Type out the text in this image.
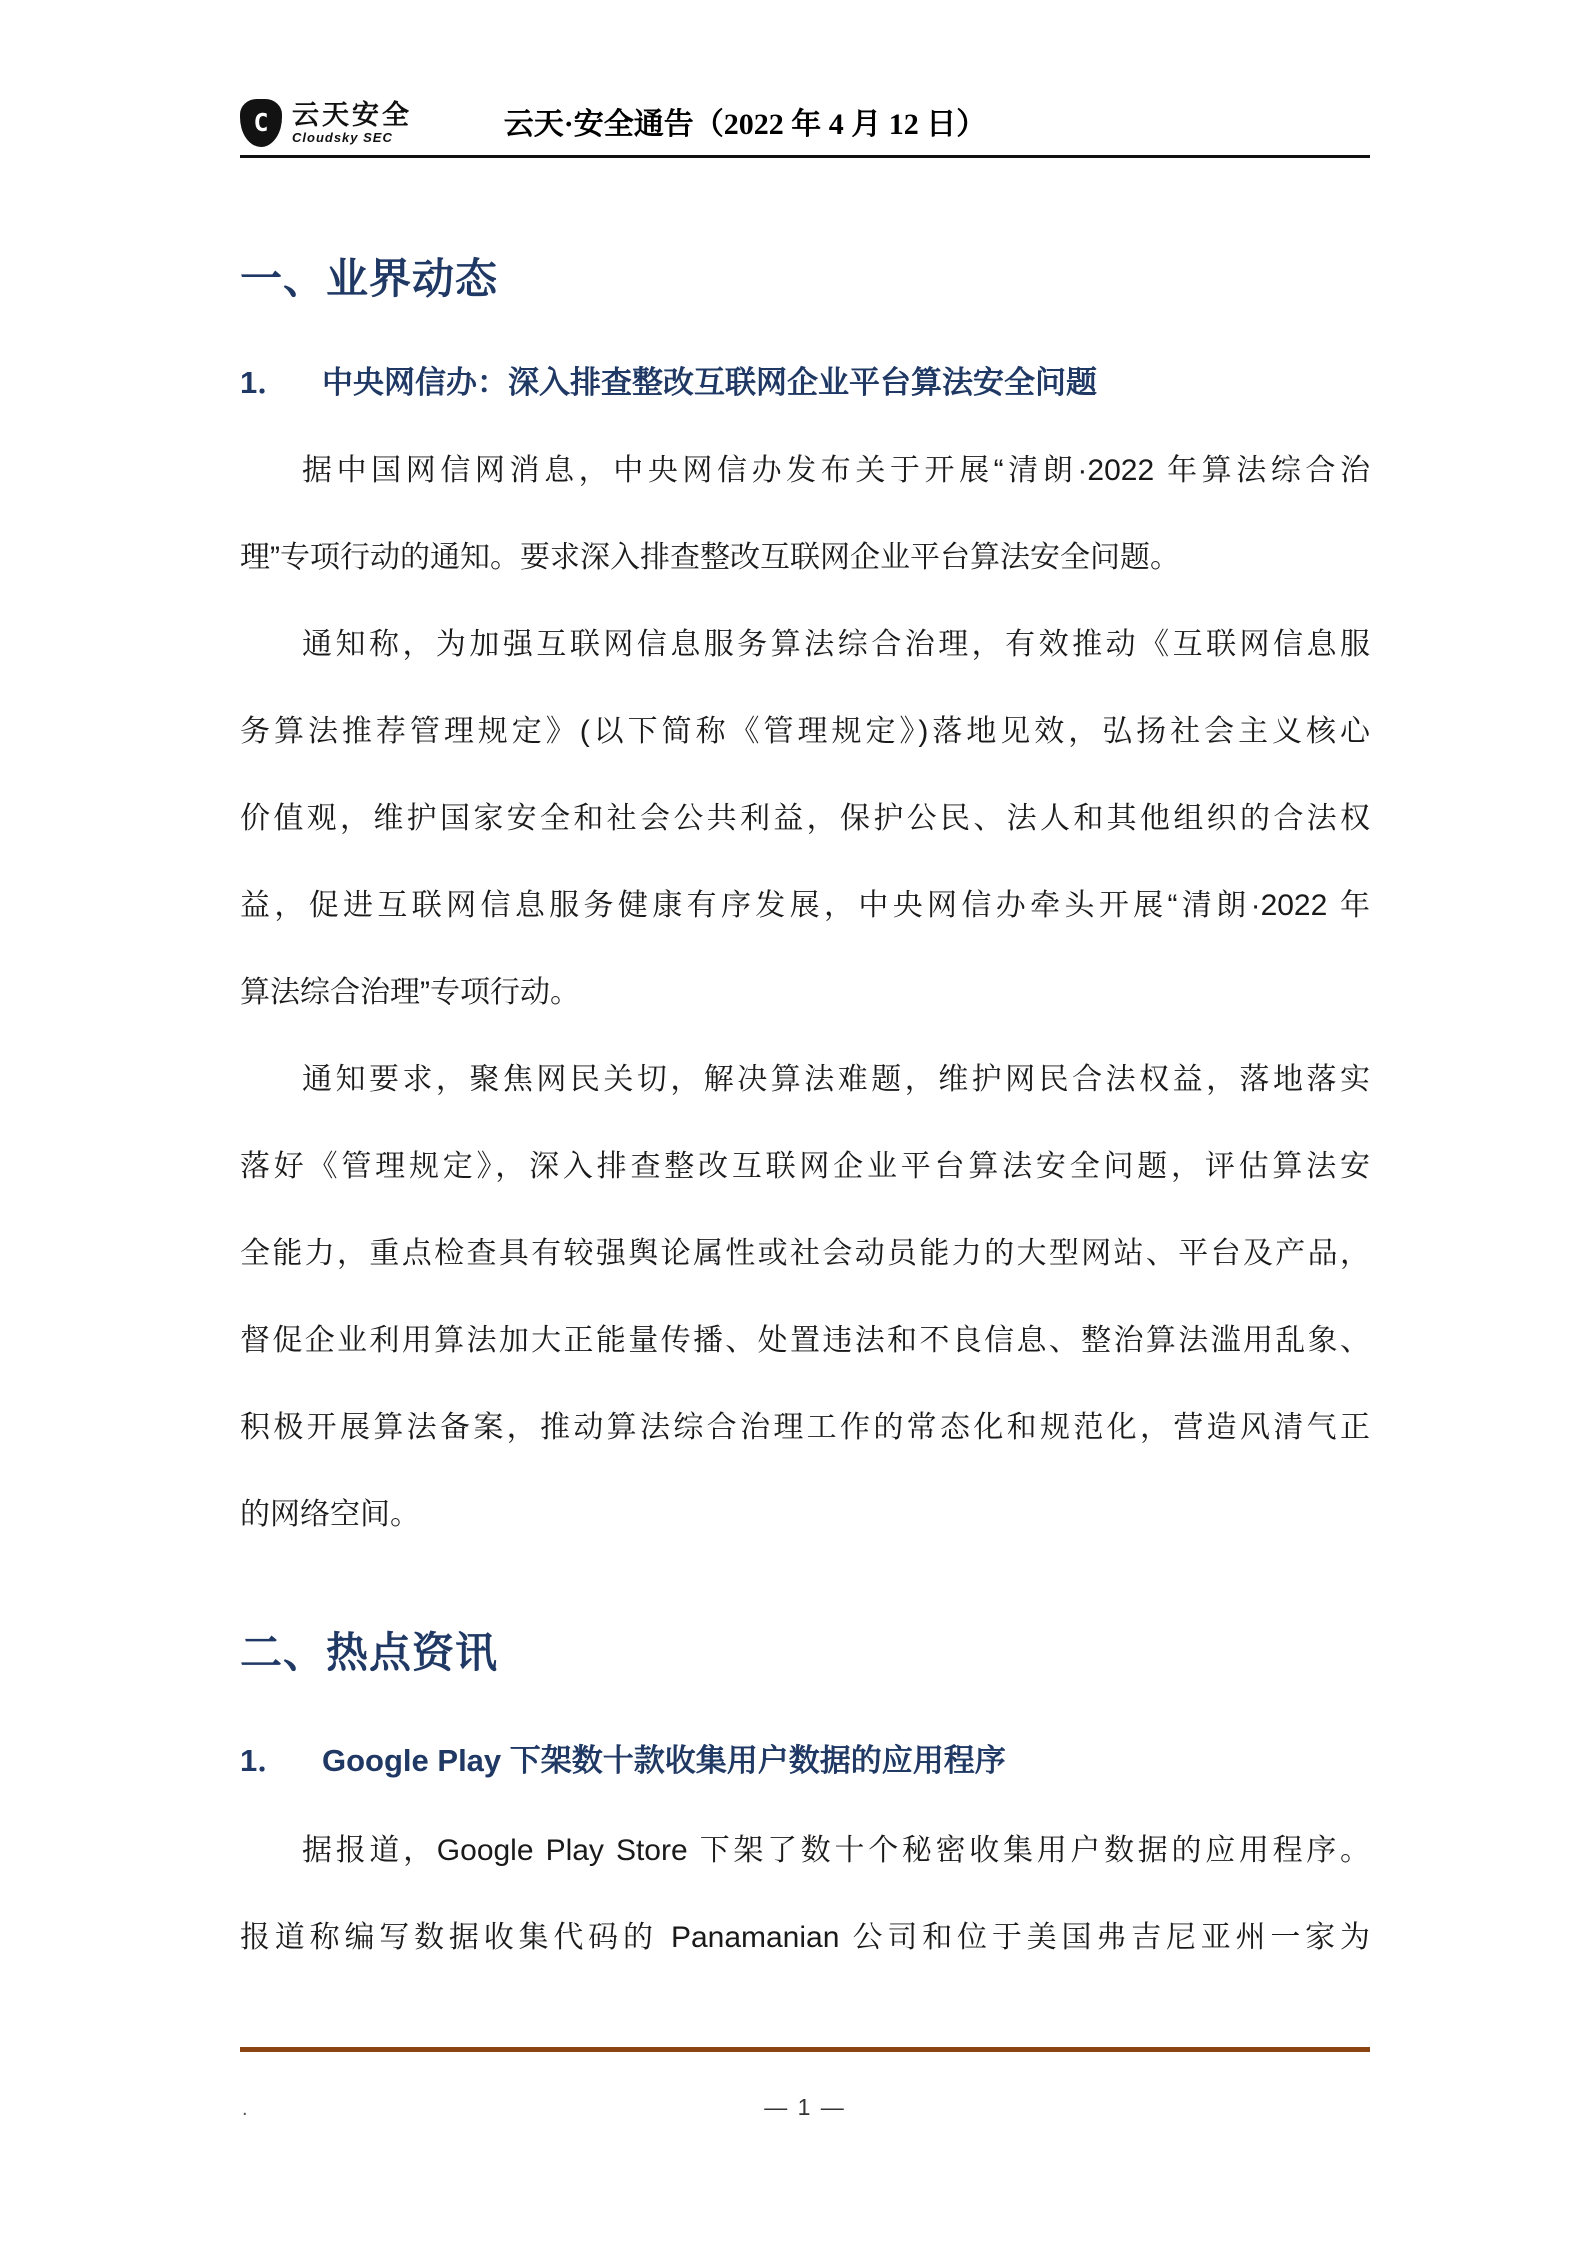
C 云天安全
Cloudsky SEC	云天·安全通告（2022 年 4 月 12 日）
一、业界动态
1．	中央网信办：深入排查整改互联网企业平台算法安全问题
据中国网信网消息，中央网信办发布关于开展“清朗·2022 年算法综合治
理”专项行动的通知。要求深入排查整改互联网企业平台算法安全问题。
通知称，为加强互联网信息服务算法综合治理，有效推动《互联网信息服
务算法推荐管理规定》(以下简称《管理规定》)落地见效，弘扬社会主义核心
价值观，维护国家安全和社会公共利益，保护公民、法人和其他组织的合法权
益，促进互联网信息服务健康有序发展，中央网信办牵头开展“清朗·2022 年
算法综合治理”专项行动。
通知要求，聚焦网民关切，解决算法难题，维护网民合法权益，落地落实
落好《管理规定》，深入排查整改互联网企业平台算法安全问题，评估算法安
全能力，重点检查具有较强舆论属性或社会动员能力的大型网站、平台及产品，
督促企业利用算法加大正能量传播、处置违法和不良信息、整治算法滥用乱象、
积极开展算法备案，推动算法综合治理工作的常态化和规范化，营造风清气正
的网络空间。
二、热点资讯
1．	Google Play 下架数十款收集用户数据的应用程序
据报道，Google Play Store 下架了数十个秘密收集用户数据的应用程序。
报道称编写数据收集代码的 Panamanian 公司和位于美国弗吉尼亚州一家为
.	— 1 —
